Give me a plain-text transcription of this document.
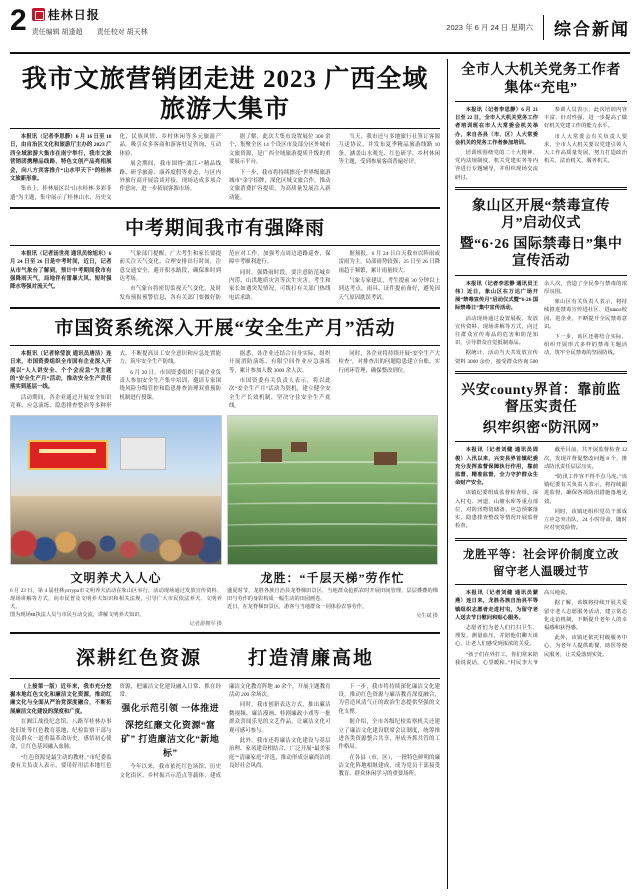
2 桂林日报
责任编辑 胡逢超 责任校对 胡天林
2023 年 6 月 24 日 星期六	综合新闻
我市文旅营销团走进 2023 广西全域旅游大集市

本报讯（记者李思静）6 月 16 日至 18 日，由自治区文化和旅游厅主办的 2023 广西全域旅游大集市在南宁举行，我市文旅营销团携精品线路、特色文创产品亮相展会，向八方宾客推介“山水甲天下”的桂林文旅新形象。

集市上，桂林展区以“山水桂林·多彩非遗”为主题，集中展示了桂林山水、历史文化、民族风情、乡村休闲等多元旅游产品，吸引众多客商和游客驻足咨询、互动体验。

展会期间，我市围绕“漓江+”精品线路、研学旅游、康养度假等业态，与区内外旅行商开展洽谈对接，现场达成多项合作意向，进一步拓展客源市场。

据了解，此次大集市设置展位 300 余个，集聚全区 14 个设区市及部分区外城市文旅资源，是广西全域旅游提质升级的重要展示平台。

下一步，我市将持续擦亮“世界级旅游城市”金字招牌，深化区域文旅合作，推动文旅消费扩容提质，为高质量发展注入新动能。

当天，我市还与多地旅行社签订客源互送协议，并发布夏季精品旅游线路 10 条，涵盖山水观光、红色研学、乡村休闲等主题，受到参展客商普遍好评。

中考期间我市有强降雨

本报讯（记者汤世亮 通讯员徐旭东）6 月 24 日至 26 日是中考时间，近日，记者从市气象台了解到，预计中考期间我市有强降雨天气，局地伴有雷暴大风、短时强降水等强对流天气。

气象部门提醒，广大考生和家长要提前关注天气变化，合理安排出行时间，注意交通安全，避开积水路段，确保准时到达考场。

市气象台将密切监视天气变化，及时发布预报预警信息，各有关部门要做好防范应对工作，加强考点周边道路巡查，保障中考顺利进行。

同时，强降雨时段，要注意防范城乡内涝、山洪地质灾害等次生灾害，考生和家长如遇突发情况，可拨打有关部门热线电话求助。

据预报，6 月 24 日白天我市以阵雨或雷雨为主，局部雨势较强；25 日至 26 日降雨趋于频繁，累计雨量较大。

气象专家建议，考生提前 30 分钟以上到达考点，雨具、证件提前备好，避免因天气原因耽误考试。

市国资系统深入开展“安全生产月”活动

本报讯（记者徐莹波 通讯员唐洁）连日来，市国资委组织全市国有企业深入开展以“人人讲安全、个个会应急”为主题的“安全生产月”活动，推动安全生产责任落实到基层一线。

活动期间，各企业通过开展安全知识竞赛、应急演练、隐患排查整治等多种形式，不断提高员工安全意识和应急处置能力，筑牢安全生产防线。

6 月 20 日，市国资委组织下属企业负责人参加安全生产集中培训，邀请专家围绕风险分级管控和隐患排查治理双重预防机制进行授课。

据悉，各企业还结合自身实际，组织开展消防演练、有限空间作业应急演练等，累计参加人数 3000 余人次。

市国资委有关负责人表示，将以此次“安全生产月”活动为契机，建立健全安全生产长效机制，坚决守住安全生产底线。

同时，各企业将持续开展“安全生产大检查”，对排查出的问题隐患建立台账，实行闭环管理，确保整改到位。

文明养犬入人心
6 月 23 日，第 4 届桂林ултура市文明养犬活动在象山区举行，活动现场通过发放宣传资料、现场讲解等方式，向市民普及文明养犬知识和相关法规，引导广大市民依法养犬、文明养犬。
图为现场տ执法人员与市民互动交流，讲解文明养犬知识。
记者游拥军 摄
龙胜：“千层天梯”劳作忙
盛夏时节，龙胜各族自治县龙脊梯田景区，当地群众抢抓农时开展田间管理，层层叠叠的梯田与劳作的身影构成一幅生动的田园画卷。
近日，在龙脊梯田景区，游客与当地群众一同体验农事劳作。
吴生斌 摄
深耕红色资源 打造清廉高地

（上接第一版）近年来，我市充分挖掘本地红色文化和廉洁文化资源，推动红廉文化与全面从严治党深度融合，不断拓展廉洁文化建设的深度和广度。

在湘江战役纪念馆、八路军桂林办事处旧址等红色教育基地，纪检监察干部与党员群众一道重温革命历史，感悟初心使命，让红色基因融入血脉。

“红色资源是最生动的教材。”市纪委监委有关负责人表示，要用好用活本地红色资源，把廉洁文化建设融入日常、抓在经常。

强化示范引领 一体推进

深挖红廉文化资源“富矿” 打造廉洁文化“新地标”

今年以来，我市依托红色场馆、历史文化街区、乡村振兴示范点等载体，建成廉洁文化教育阵地 40 余个，开展主题教育活动 200 余场次。

同时，我市创新表达方式，推出廉洁微视频、廉洁漫画、桂剧廉政小戏等一批群众喜闻乐见的文艺作品，让廉洁文化可观可感可参与。

此外，我市还将廉洁文化建设与基层治理、家风建设相结合，广泛开展“最美家庭”“清廉家庭”评选，推动形成崇廉尚洁的良好社会风尚。

下一步，我市将持续深化廉洁文化建设，推动红色资源与廉洁教育深度融合，为营造风清气正的政治生态提供坚强的文化支撑。

据介绍，全市各级纪检监察机关还建立了廉洁文化建设联席会议制度，统筹推进各类资源整合共享，形成齐抓共管的工作格局。

在各县（市、区），一批特色鲜明的廉洁文化阵地相继建成，成为党员干部接受教育、群众休闲学习的重要场所。

全市人大机关党务工作者集体“充电”

本报讯（记者李思静）6 月 21 日至 22 日，全市人大机关党务工作者培训班在市人大常委会机关举办，来自各县（市、区）人大常委会机关的党务工作者参加培训。

培训班围绕党的二十大精神、党内法规制度、机关党建实务等内容进行专题辅导，并组织现场交流研讨。

参训人员表示，此次培训内容丰富、针对性强，进一步提高了做好机关党建工作的能力水平。

市人大常委会有关负责人要求，全市人大机关要以党建引领人大工作高质量发展，努力打造政治机关、法治机关、服务机关。

象山区开展“禁毒宣传月”启动仪式
暨“6·26 国际禁毒日”集中宣传活动

本报讯（记者李思静 通讯员王伟）近日，象山区在万达广场开展“禁毒宣传月”启动仪式暨“6·26 国际禁毒日”集中宣传活动。

活动现场通过设置展板、发放宣传资料、现场讲解等方式，向过往群众宣传毒品的危害和防范知识，引导群众自觉抵制毒品。

据统计，活动当天共发放宣传资料 3000 余份，接受群众咨询 500 余人次，营造了全民参与禁毒的浓厚氛围。

象山区有关负责人表示，将持续推进禁毒宣传进社区、进школ校园、进企业，不断提升全民禁毒意识。

下一步，该区还将结合实际，组织开展形式多样的禁毒主题活动，筑牢全民禁毒的坚固防线。

兴安county界首：靠前监督压实责任
织牢织密“防汛网”

本报讯（记者刘健 通讯员周俊）入汛以来，兴安县界首镇纪委充分发挥监督保障执行作用，靠前监督、精准监督，全力守护群众生命财产安全。

该镇纪委组成监督检查组，深入村屯、河道、山塘水库等重点部位，对防汛物资储备、应急预案落实、隐患排查整改等情况开展监督检查。

截至目前，共开展监督检查 12 次，发现并督促整改问题 8 个，推动防汛责任层层压实。

“防汛工作容不得半点马虎。”该镇纪委有关负责人表示，将持续跟进监督，确保各项防汛措施落地见效。

同时，该镇还组织党员干部成立应急突击队，24 小时待命，随时应对突发险情。

龙胜平等：社会评价制度立改
留守老人温暖过节

本报讯（记者刘健 通讯员蒙燕）连日来，龙胜各族自治县平等镇组织志愿者走进村屯，为留守老人送去节日慰问和贴心服务。

志愿者们为老人们打扫卫生、理发、测量血压，并陪他们聊天谈心，让老人们感受到浓浓的关爱。

“孩子们在外打工，你们常来陪我说说话，心里暖和。”村民李大爷高兴地说。

据了解，该镇将持续开展关爱留守老人志愿服务活动，建立常态化走访机制，不断提升老年人的幸福感和获得感。

此外，该镇还依托村级服务中心，为老年人提供助餐、助医等便民服务，让关爱落到实处。
